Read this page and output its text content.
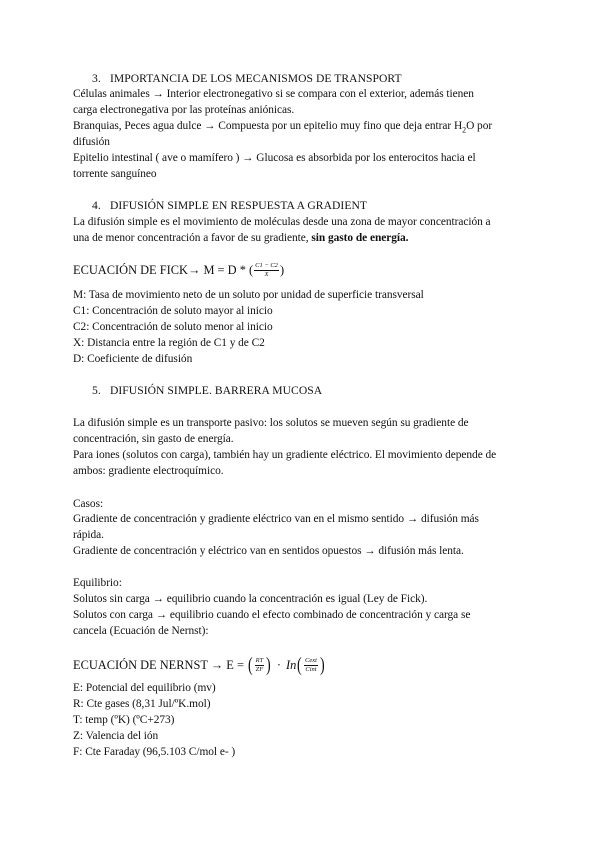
3. IMPORTANCIA DE LOS MECANISMOS DE TRANSPORT
Células animales → Interior electronegativo si se compara con el exterior, además tienen
carga electronegativa por las proteínas aniónicas.
Branquias, Peces agua dulce → Compuesta por un epitelio muy fino que deja entrar $H_2O$ por
difusión
Epitelio intestinal ( ave o mamífero ) → Glucosa es absorbida por los enterocitos hacia el
torrente sanguíneo
4. DIFUSIÓN SIMPLE EN RESPUESTA A GRADIENT
La difusión simple es el movimiento de moléculas desde una zona de mayor concentración a
una de menor concentración a favor de su gradiente, sin gasto de energía.
ECUACIÓN DE FICK→ M = D * ( $\frac{C1 - C2}{X}$ )
M: Tasa de movimiento neto de un soluto por unidad de superficie transversal
C1: Concentración de soluto mayor al inicio
C2: Concentración de soluto menor al inicio
X: Distancia entre la región de C1 y de C2
D: Coeficiente de difusión
5. DIFUSIÓN SIMPLE. BARRERA MUCOSA
La difusión simple es un transporte pasivo: los solutos se mueven según su gradiente de
concentración, sin gasto de energía.
Para iones (solutos con carga), también hay un gradiente eléctrico. El movimiento depende de
ambos: gradiente electroquímico.
Casos:
Gradiente de concentración y gradiente eléctrico van en el mismo sentido → difusión más
rápida.
Gradiente de concentración y eléctrico van en sentidos opuestos → difusión más lenta.
Equilibrio:
Solutos sin carga → equilibrio cuando la concentración es igual (Ley de Fick).
Solutos con carga → equilibrio cuando el efecto combinado de concentración y carga se
cancela (Ecuación de Nernst):
ECUACIÓN DE NERNST → E = ( $\frac{RT}{ZF}$ ) · In ( $\frac{\text{Cext}}{\text{Cint}}$ )
E: Potencial del equilibrio (mv)
R: Cte gases (8,31 Jul/ºK.mol)
T: temp (ºK) (ºC+273)
Z: Valencia del ión
F: Cte Faraday (96,5.103 C/mol e- )
